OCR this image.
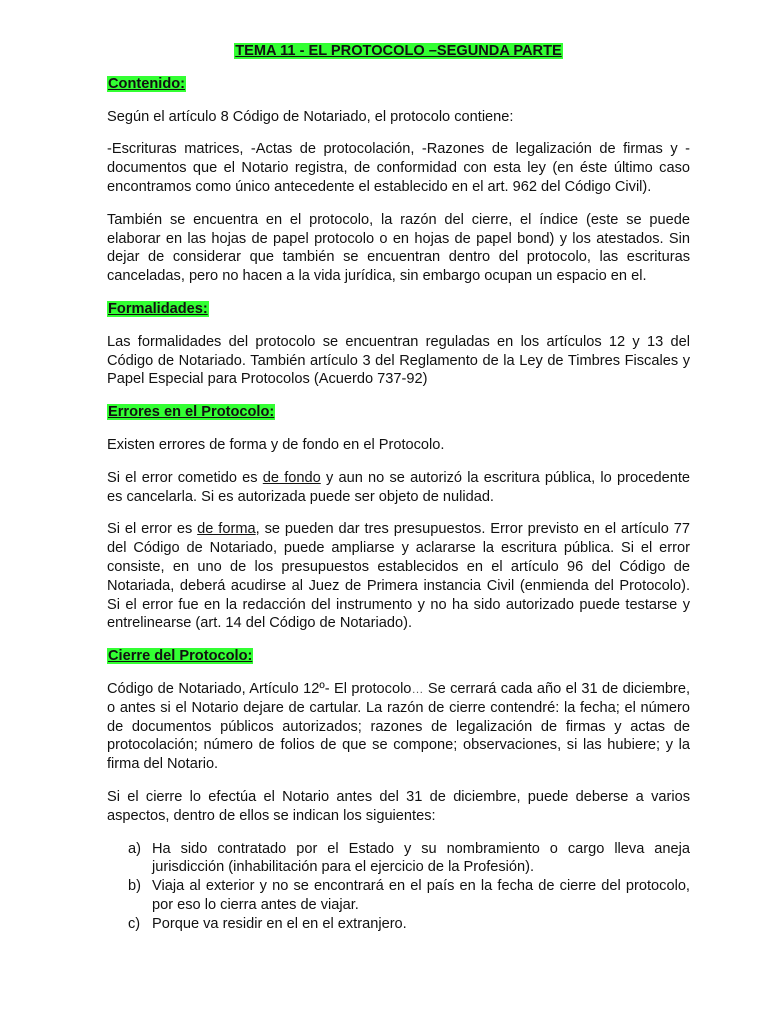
TEMA 11 - EL PROTOCOLO –SEGUNDA PARTE
Contenido:

Según el artículo 8 Código de Notariado, el protocolo contiene:

-Escrituras matrices, -Actas de protocolación, -Razones de legalización de firmas y -documentos que el Notario registra, de conformidad con esta ley (en éste último caso encontramos como único antecedente el establecido en el art. 962 del Código Civil).

También se encuentra en el protocolo, la razón del cierre, el índice (este se puede elaborar en las hojas de papel protocolo o en hojas de papel bond) y los atestados. Sin dejar de considerar que también se encuentran dentro del protocolo, las escrituras canceladas, pero no hacen a la vida jurídica, sin embargo ocupan un espacio en el.

Formalidades:

Las formalidades del protocolo se encuentran reguladas en los artículos 12 y 13 del Código de Notariado. También artículo 3 del Reglamento de la Ley de Timbres Fiscales y Papel Especial para Protocolos (Acuerdo 737-92)

Errores en el Protocolo:

Existen errores de forma y de fondo en el Protocolo.

Si el error cometido es de fondo y aun no se autorizó la escritura pública, lo procedente es cancelarla. Si es autorizada puede ser objeto de nulidad.

Si el error es de forma, se pueden dar tres presupuestos. Error previsto en el artículo 77 del Código de Notariado, puede ampliarse y aclararse la escritura pública. Si el error consiste, en uno de los presupuestos establecidos en el artículo 96 del Código de Notariada, deberá acudirse al Juez de Primera instancia Civil (enmienda del Protocolo). Si el error fue en la redacción del instrumento y no ha sido autorizado puede testarse y entrelinearse (art. 14 del Código de Notariado).

Cierre del Protocolo:

Código de Notariado, Artículo 12º- El protocolo… Se cerrará cada año el 31 de diciembre, o antes si el Notario dejare de cartular. La razón de cierre contendré: la fecha; el número de documentos públicos autorizados; razones de legalización de firmas y actas de protocolación; número de folios de que se compone; observaciones, si las hubiere; y la firma del Notario.

Si el cierre lo efectúa el Notario antes del 31 de diciembre, puede deberse a varios aspectos, dentro de ellos se indican los siguientes:

a) Ha sido contratado por el Estado y su nombramiento o cargo lleva aneja jurisdicción (inhabilitación para el ejercicio de la Profesión).
b) Viaja al exterior y no se encontrará en el país en la fecha de cierre del protocolo, por eso lo cierra antes de viajar.
c) Porque va residir en el en el extranjero.
